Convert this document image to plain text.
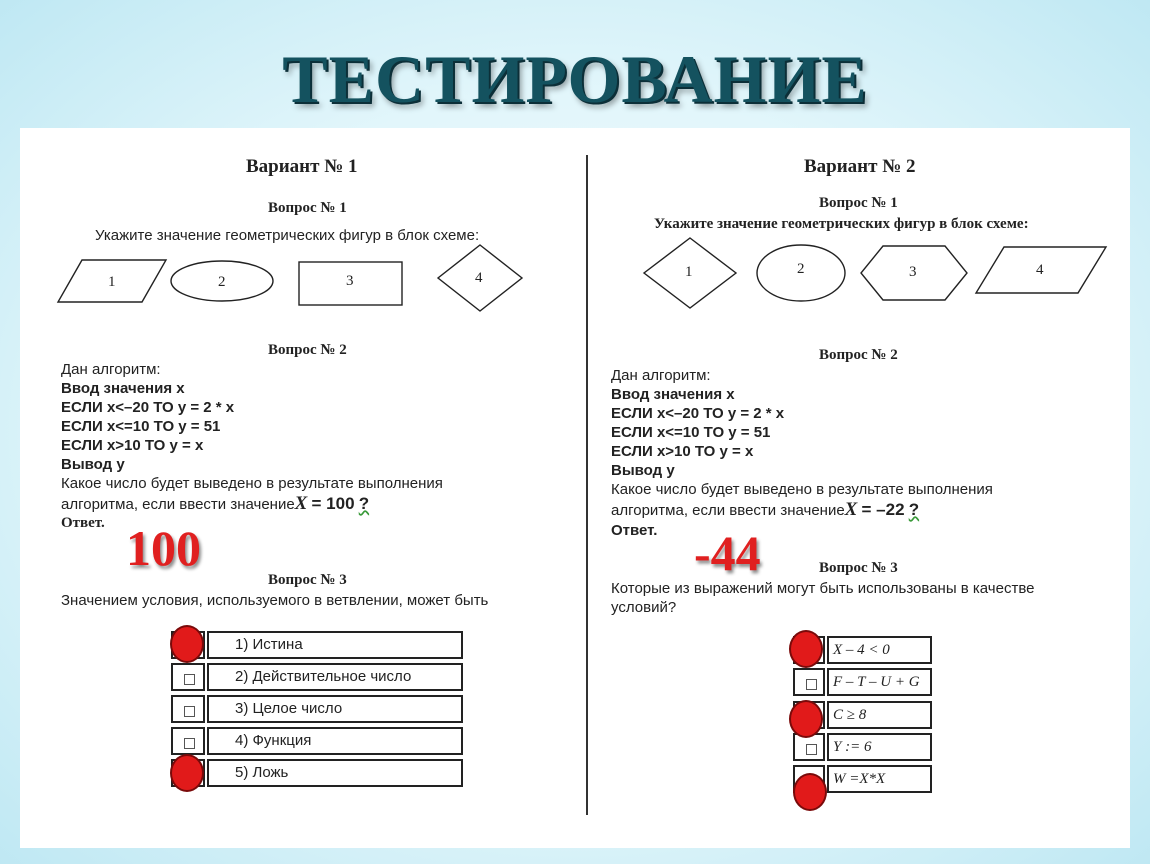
ТЕСТИРОВАНИЕ
Вариант № 1
Вопрос № 1
Укажите значение геометрических фигур в блок схеме:
1	2	3	4	1	2	3	4
Вопрос № 2
Дан алгоритм:
Ввод значения x
ЕСЛИ x<–20 ТО y = 2 * x
ЕСЛИ x<=10 ТО y = 51
ЕСЛИ x>10 ТО y = x
Вывод y
Какое число будет выведено в результате выполнения
алгоритма, если ввести значениеX = 100 ?
Ответ. 100
Вопрос № 3
Значением условия, используемого в ветвлении, может быть
1) Истина
2) Действительное число
3) Целое число
4) Функция
5) Ложь
Вариант № 2
Вопрос № 1
Укажите значение геометрических фигур в блок схеме:
Вопрос № 2
Дан алгоритм:
Ввод значения x
ЕСЛИ x<–20 ТО y = 2 * x
ЕСЛИ x<=10 ТО y = 51
ЕСЛИ x>10 ТО y = x
Вывод y
Какое число будет выведено в результате выполнения
алгоритма, если ввести значениеX = –22 ?
Ответ. -44	Вопрос № 3
Которые из выражений могут быть использованы в качестве
условий?
X – 4 < 0
F – T – U + G
C ≥ 8
Y := 6
W =X*X
